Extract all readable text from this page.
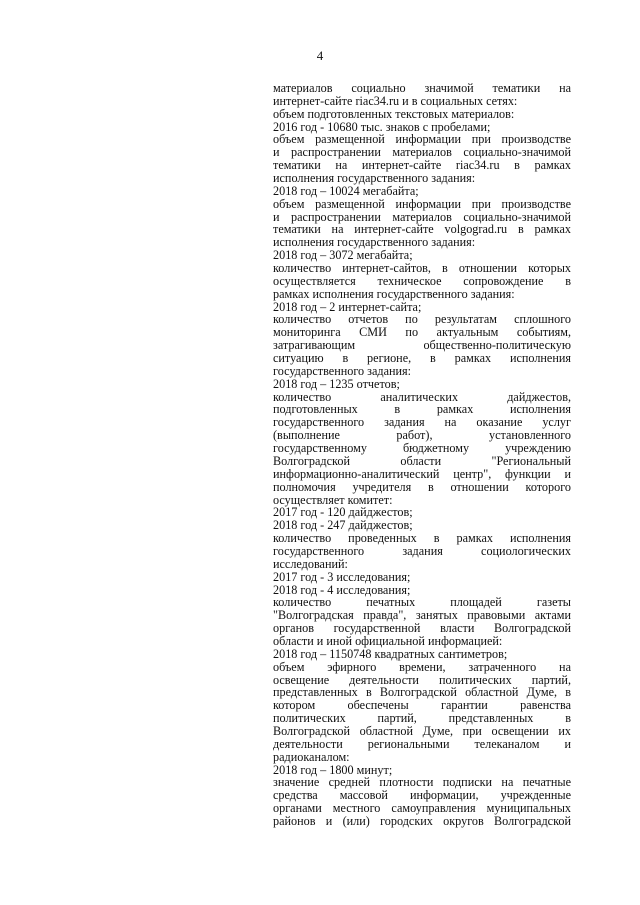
4
материалов социально значимой тематики на
интернет-сайте riac34.ru и в социальных сетях:
объем подготовленных текстовых материалов:
2016 год - 10680 тыс. знаков с пробелами;
объем размещенной информации при производстве
и распространении материалов социально-значимой
тематики на интернет-сайте riac34.ru в рамках
исполнения государственного задания:
2018 год – 10024 мегабайта;
объем размещенной информации при производстве
и распространении материалов социально-значимой
тематики на интернет-сайте volgograd.ru в рамках
исполнения государственного задания:
2018 год – 3072 мегабайта;
количество интернет-сайтов, в отношении которых
осуществляется техническое сопровождение в
рамках исполнения государственного задания:
2018 год – 2 интернет-сайта;
количество отчетов по результатам сплошного
мониторинга СМИ по актуальным событиям,
затрагивающим общественно-политическую
ситуацию в регионе, в рамках исполнения
государственного задания:
2018 год – 1235 отчетов;
количество аналитических дайджестов,
подготовленных в рамках исполнения
государственного задания на оказание услуг
(выполнение работ), установленного
государственному бюджетному учреждению
Волгоградской области "Региональный
информационно-аналитический центр", функции и
полномочия учредителя в отношении которого
осуществляет комитет:
2017 год - 120 дайджестов;
2018 год - 247 дайджестов;
количество проведенных в рамках исполнения
государственного задания социологических
исследований:
2017 год - 3 исследования;
2018 год - 4 исследования;
количество печатных площадей газеты
"Волгоградская правда", занятых правовыми актами
органов государственной власти Волгоградской
области и иной официальной информацией:
2018 год – 1150748 квадратных сантиметров;
объем эфирного времени, затраченного на
освещение деятельности политических партий,
представленных в Волгоградской областной Думе, в
котором обеспечены гарантии равенства
политических партий, представленных в
Волгоградской областной Думе, при освещении их
деятельности региональными телеканалом и
радиоканалом:
2018 год – 1800 минут;
значение средней плотности подписки на печатные
средства массовой информации, учрежденные
органами местного самоуправления муниципальных
районов и (или) городских округов Волгоградской
